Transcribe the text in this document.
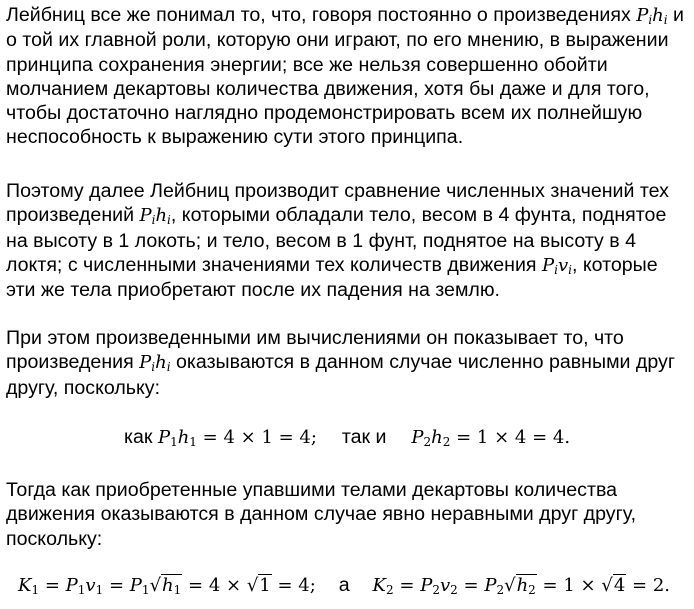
Лейбниц все же понимал то, что, говоря постоянно о произведениях $P_ih_i$ и о той их главной роли, которую они играют, по его мнению, в выражении принципа сохранения энергии; все же нельзя совершенно обойти молчанием декартовы количества движения, хотя бы даже и для того, чтобы достаточно наглядно продемонстрировать всем их полнейшую неспособность к выражению сути этого принципа.

Поэтому далее Лейбниц производит сравнение численных значений тех произведений $P_ih_i$, которыми обладали тело, весом в 4 фунта, поднятое на высоту в 1 локоть; и тело, весом в 1 фунт, поднятое на высоту в 4 локтя; с численными значениями тех количеств движения $P_iv_i$, которые эти же тела приобретают после их падения на землю.

При этом произведенными им вычислениями он показывает то, что произведения $P_ih_i$ оказываются в данном случае численно равными друг другу, поскольку:

как $P_1h_1 = 4 \times 1 = 4$; так и $P_2h_2 = 1 \times 4 = 4$.

Тогда как приобретенные упавшими телами декартовы количества движения оказываются в данном случае явно неравными друг другу, поскольку:

$K_1 = P_1v_1 = P_1√h_1 = 4 \times √1 = 4$; а $K_2 = P_2v_2 = P_2√h_2 = 1 \times √4 = 2$.
